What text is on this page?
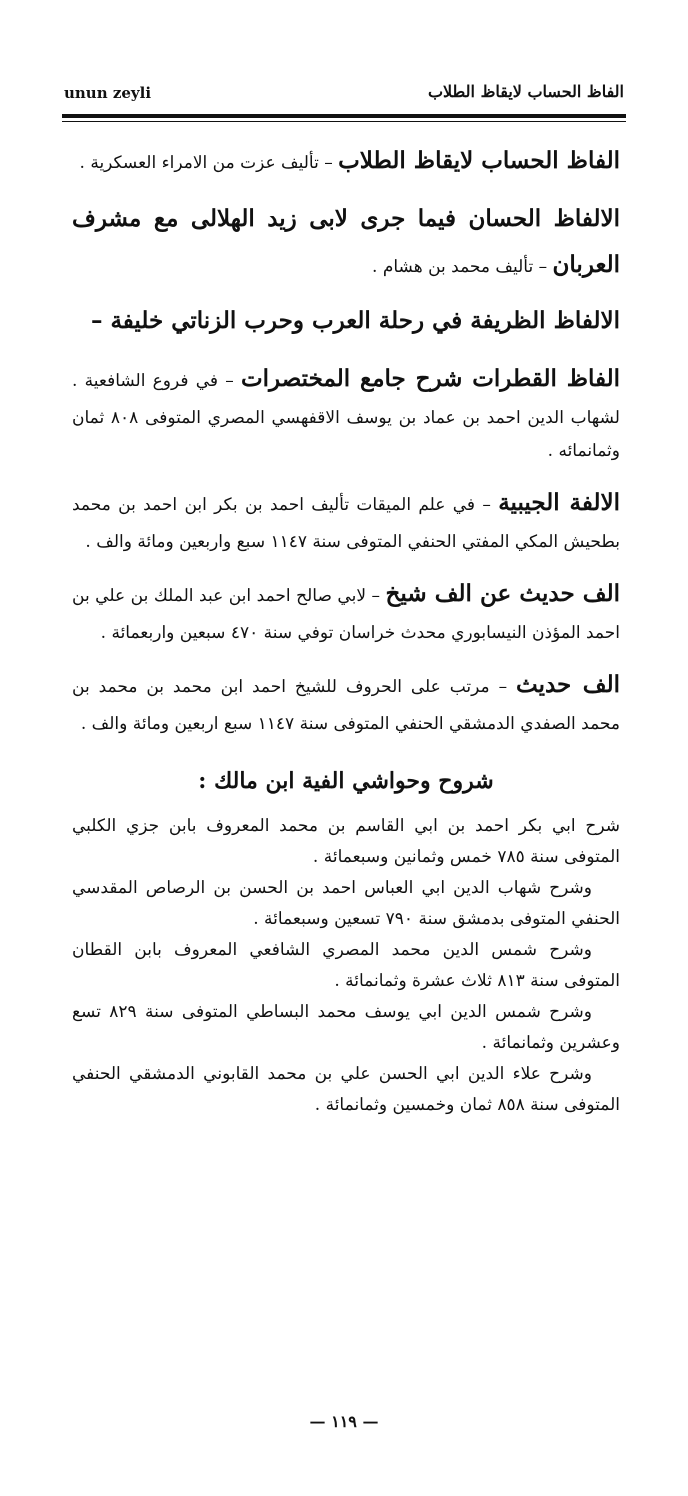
unun zeyli	الفاظ الحساب لايقاظ الطلاب

الفاظ الحساب لايقاظ الطلاب – تأليف عزت من الامراء العسكرية .

الالفاظ الحسان فيما جرى لابى زيد الهلالى مع مشرف العربان – تأليف محمد بن هشام .

الالفاظ الظريفة في رحلة العرب وحرب الزناتي خليفة –

الفاظ القطرات شرح جامع المختصرات – في فروع الشافعية . لشهاب الدين احمد بن عماد بن يوسف الاقفهسي المصري المتوفى ٨٠٨ ثمان وثمانمائه .

الالفة الجيبية – في علم الميقات تأليف احمد بن بكر ابن احمد بن محمد بطحيش المكي المفتي الحنفي المتوفى سنة ١١٤٧ سبع واربعين ومائة والف .

الف حديث عن الف شيخ – لابي صالح احمد ابن عبد الملك بن علي بن احمد المؤذن النيسابوري محدث خراسان توفي سنة ٤٧٠ سبعين واربعمائة .

الف حديث – مرتب على الحروف للشيخ احمد ابن محمد بن محمد بن محمد الصفدي الدمشقي الحنفي المتوفى سنة ١١٤٧ سبع اربعين ومائة والف .

شروح وحواشي الفية ابن مالك :

شرح ابي بكر احمد بن ابي القاسم بن محمد المعروف بابن جزي الكلبي المتوفى سنة ٧٨٥ خمس وثمانين وسبعمائة .

وشرح شهاب الدين ابي العباس احمد بن الحسن بن الرصاص المقدسي الحنفي المتوفى بدمشق سنة ٧٩٠ تسعين وسبعمائة .

وشرح شمس الدين محمد المصري الشافعي المعروف بابن القطان المتوفى سنة ٨١٣ ثلاث عشرة وثمانمائة .

وشرح شمس الدين ابي يوسف محمد البساطي المتوفى سنة ٨٢٩ تسع وعشرين وثمانمائة .

وشرح علاء الدين ابي الحسن علي بن محمد القابوني الدمشقي الحنفي المتوفى سنة ٨٥٨ ثمان وخمسين وثمانمائة .

— ١١٩ —
